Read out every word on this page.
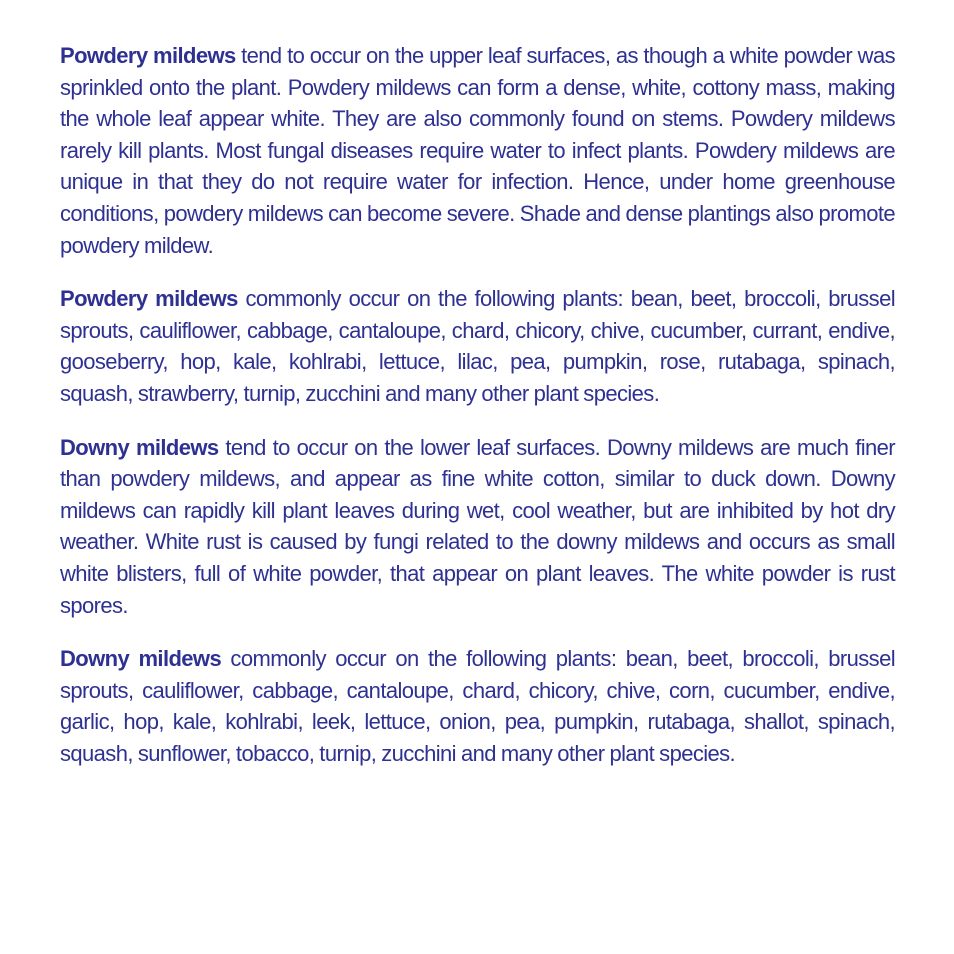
Powdery mildews tend to occur on the upper leaf surfaces, as though a white powder was sprinkled onto the plant. Powdery mildews can form a dense, white, cottony mass, making the whole leaf appear white. They are also commonly found on stems. Powdery mildews rarely kill plants. Most fungal diseases require water to infect plants. Powdery mildews are unique in that they do not require water for infection. Hence, under home greenhouse conditions, powdery mildews can become severe. Shade and dense plantings also promote powdery mildew.

Powdery mildews commonly occur on the following plants: bean, beet, broccoli, brussel sprouts, cauliflower, cabbage, cantaloupe, chard, chicory, chive, cucumber, currant, endive, gooseberry, hop, kale, kohlrabi, lettuce, lilac, pea, pumpkin, rose, rutabaga, spinach, squash, strawberry, turnip, zucchini and many other plant species.

Downy mildews tend to occur on the lower leaf surfaces. Downy mildews are much finer than powdery mildews, and appear as fine white cotton, similar to duck down. Downy mildews can rapidly kill plant leaves during wet, cool weather, but are inhibited by hot dry weather. White rust is caused by fungi related to the downy mildews and occurs as small white blisters, full of white powder, that appear on plant leaves. The white powder is rust spores.

Downy mildews commonly occur on the following plants: bean, beet, broccoli, brussel sprouts, cauliflower, cabbage, cantaloupe, chard, chicory, chive, corn, cucumber, endive, garlic, hop, kale, kohlrabi, leek, lettuce, onion, pea, pumpkin, rutabaga, shallot, spinach, squash, sunflower, tobacco, turnip, zucchini and many other plant species.
